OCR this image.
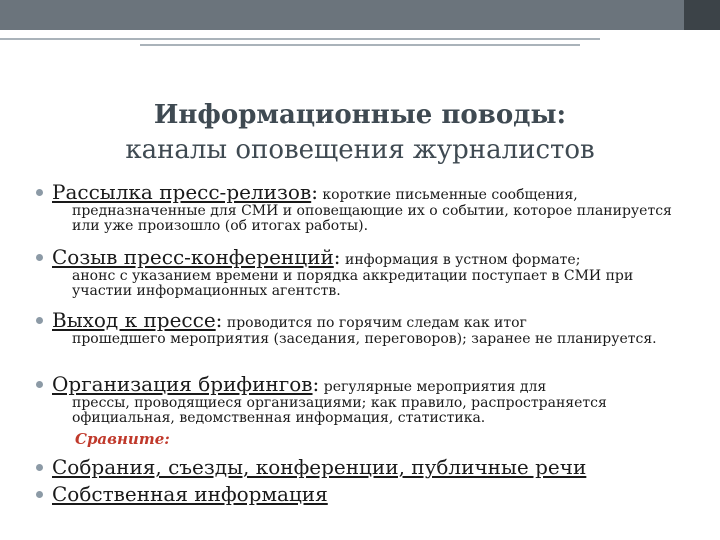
Информационные поводы:
каналы оповещения журналистов
Рассылка пресс-релизов: короткие письменные сообщения,
предназначенные для СМИ и оповещающие их о событии, которое планируется или уже произошло (об итогах работы).
Созыв пресс-конференций: информация в устном формате;
анонс с указанием времени и порядка аккредитации поступает в СМИ при участии информационных агентств.
Выход к прессе: проводится по горячим следам как итог
прошедшего мероприятия (заседания, переговоров); заранее не планируется.
Организация брифингов: регулярные мероприятия для
прессы, проводящиеся организациями; как правило, распространяется официальная, ведомственная информация, статистика.
Сравните:
Собрания, съезды, конференции, публичные речи
Собственная информация
